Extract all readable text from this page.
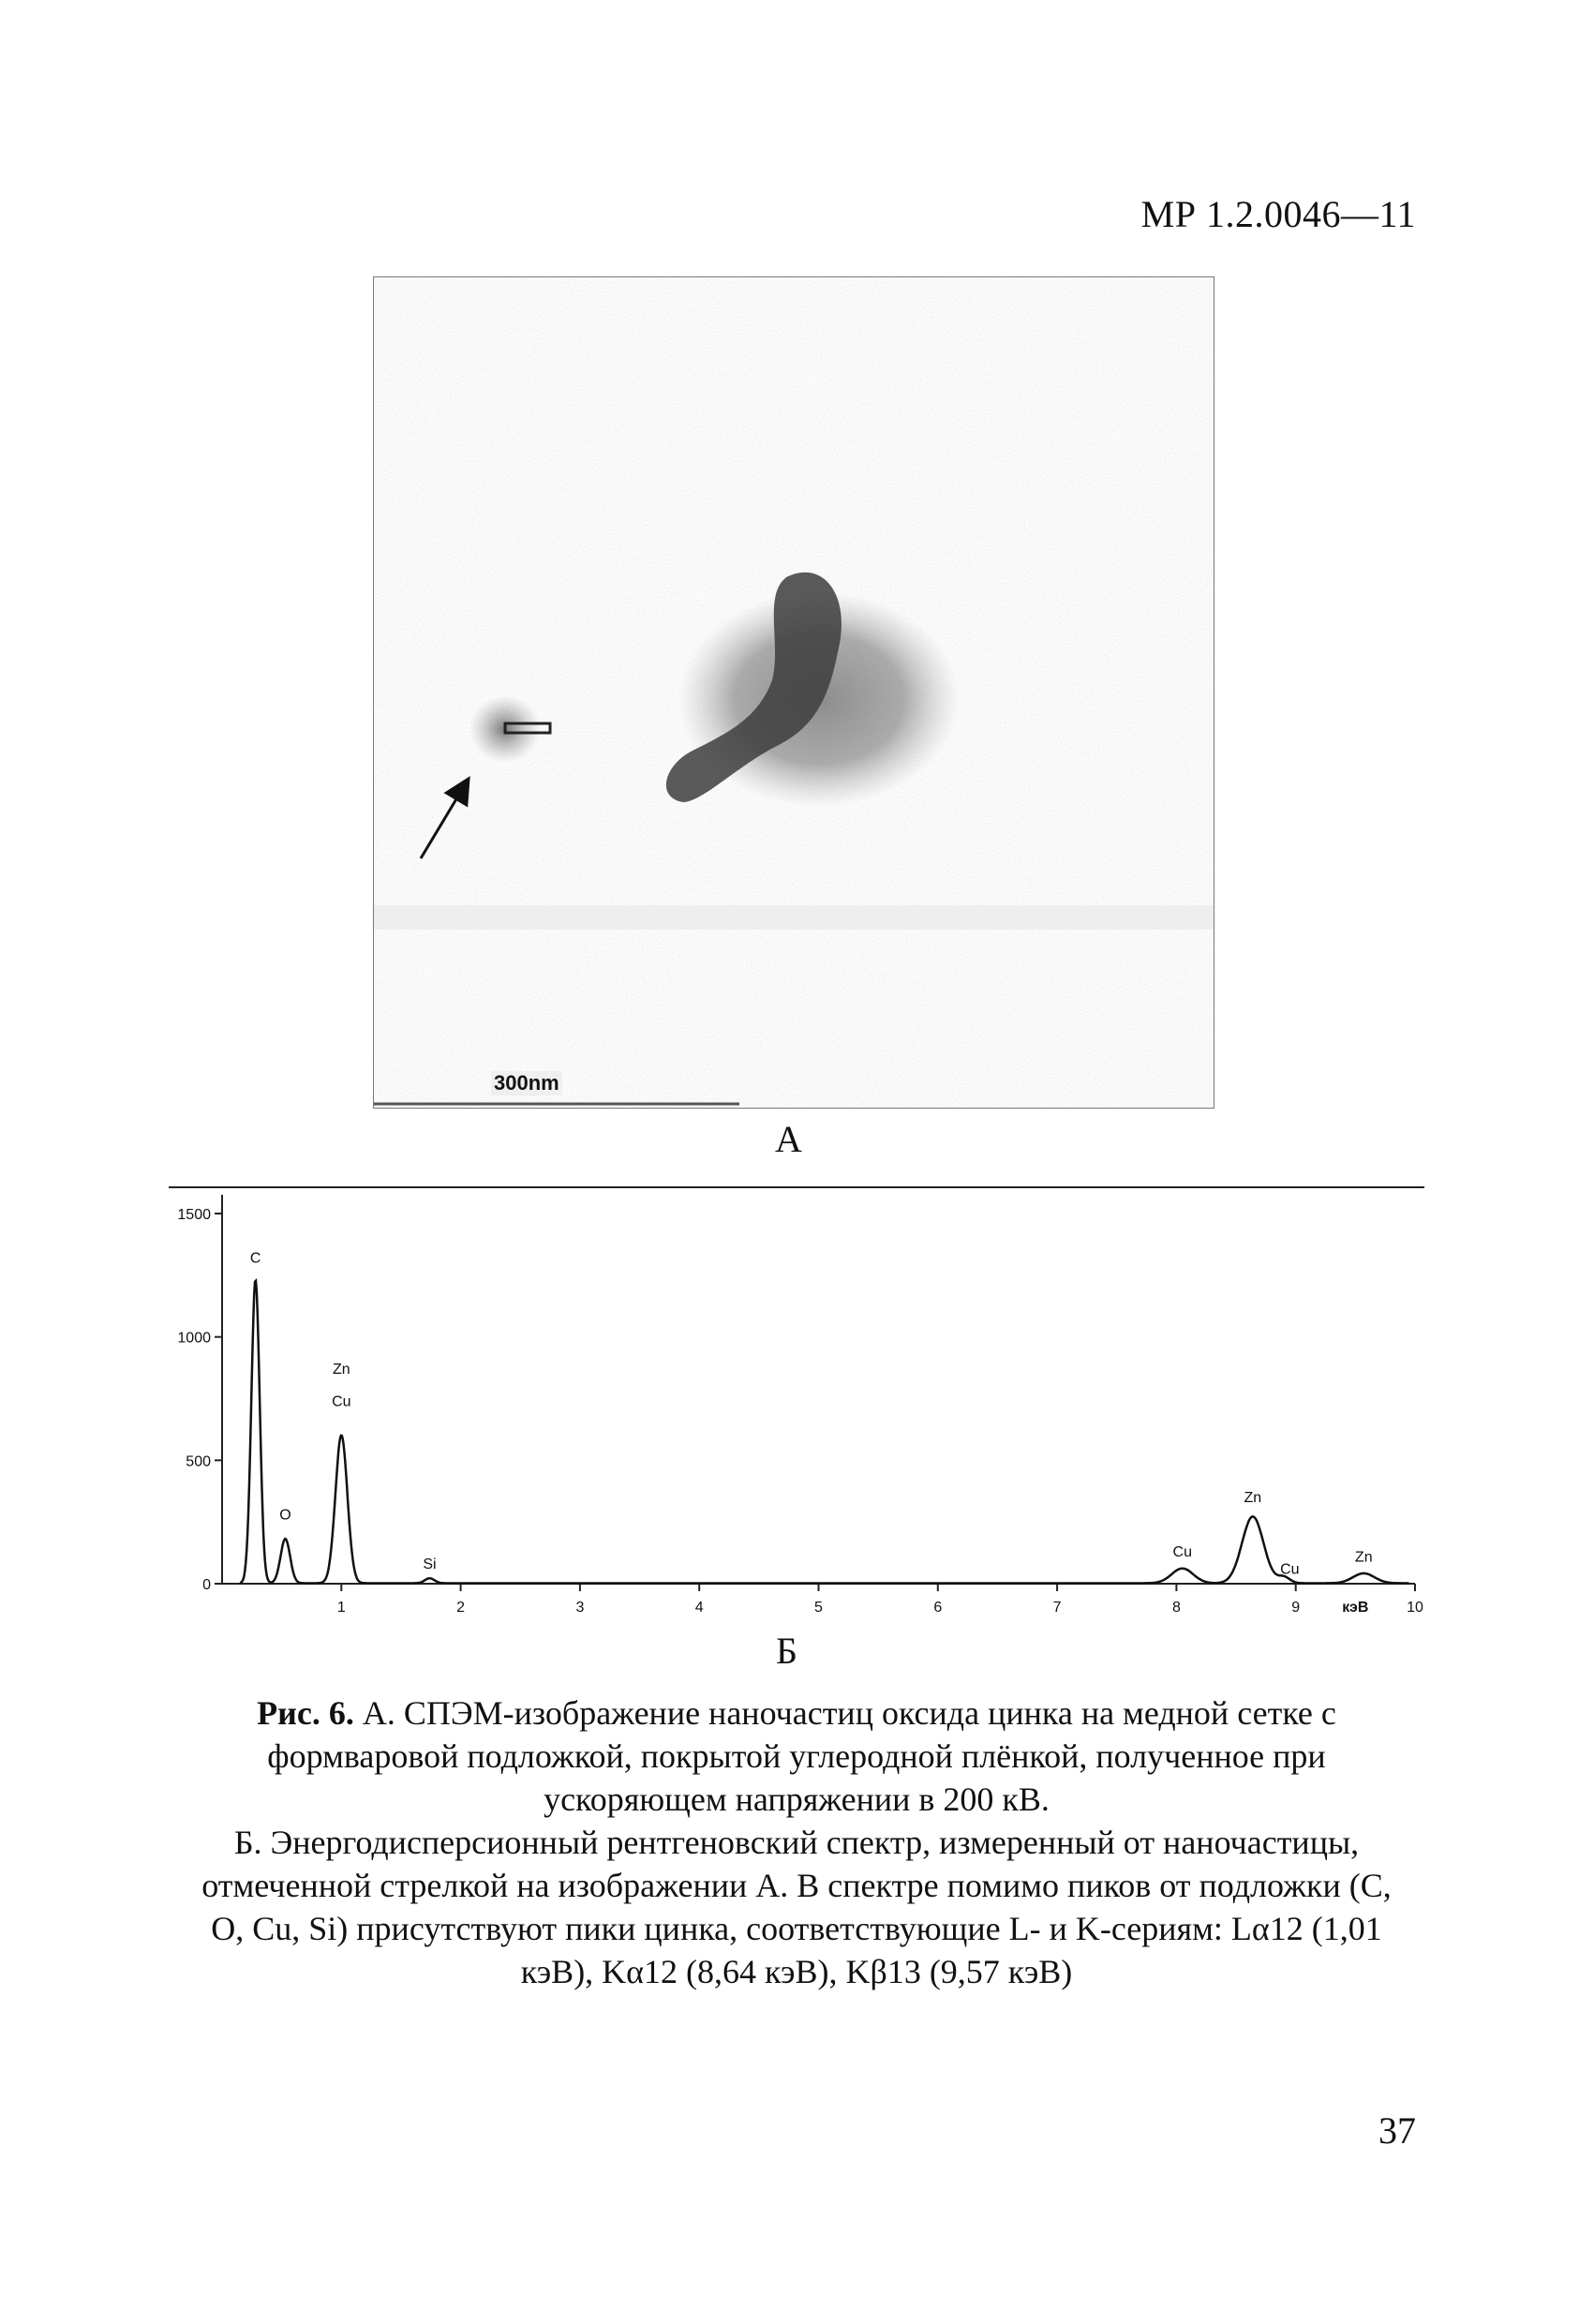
МР 1.2.0046—11
300nm
А
0
500
1000
1500
1	2	3	4	5	6	7	8	9	10
кэВ
C
O
Zn
Cu
Si
Cu
Zn
Cu
Zn
Б

Рис. 6. А. СПЭМ-изображение наночастиц оксида цинка на медной сетке с формваровой подложкой, покрытой углеродной плёнкой, полученное при ускоряющем напряжении в 200 кВ.

Б. Энергодисперсионный рентгеновский спектр, измеренный от наночастицы, отмеченной стрелкой на изображении А. В спектре помимо пиков от подложки (С, О, Cu, Si) присутствуют пики цинка, соответствующие L- и K-сериям: Lα12 (1,01 кэВ), Kα12 (8,64 кэВ), Kβ13 (9,57 кэВ)

37
